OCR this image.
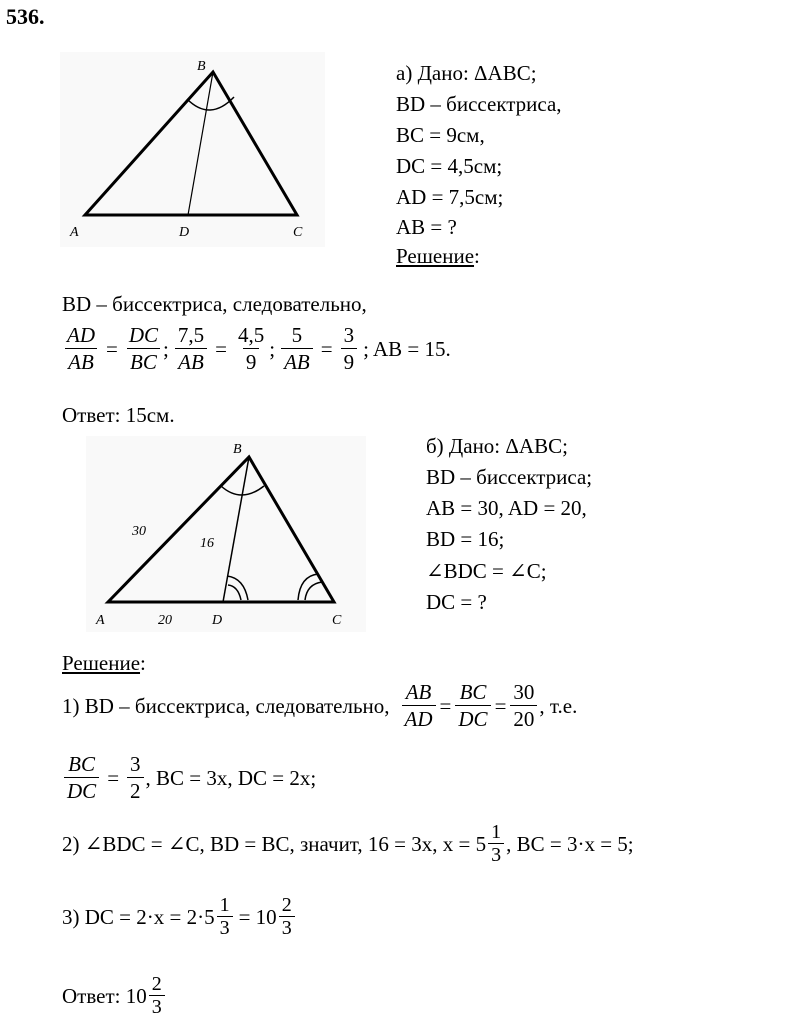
536.
B
A	D	C
а) Дано: ΔABC;
BD – биссектриса,
BC = 9см,
DC = 4,5см;
AD = 7,5см;
AB = ?
Решение:
BD – биссектриса, следовательно,
$\frac{AD}{AB} = \frac{DC}{BC}$ ; $\frac{7,5}{AB} = \frac{4,5}{9}$ ; $\frac{5}{AB} = \frac{3}{9}$ ; AB = 15.
Ответ: 15см.
B
A	D	C
30
16
20
б) Дано: ΔABC;
BD – биссектриса;
AB = 30, AD = 20,
BD = 16;
∠BDC = ∠C;
DC = ?
Решение:
1) BD – биссектриса, следовательно, $\frac{AB}{AD} = \frac{BC}{DC} = \frac{30}{20}$ , т.е.
$\frac{BC}{DC} = \frac{3}{2}$ , BC = 3x, DC = 2x;
2) ∠BDC = ∠C, BD = BC, значит, 16 = 3x, $x = 5 \frac{1}{3}$ , BC = 3·x = 5;
3) DC = $2\cdot x = 2\cdot 5 \frac{1}{3} = 10 \frac{2}{3}$
Ответ: $10 \frac{2}{3}$
